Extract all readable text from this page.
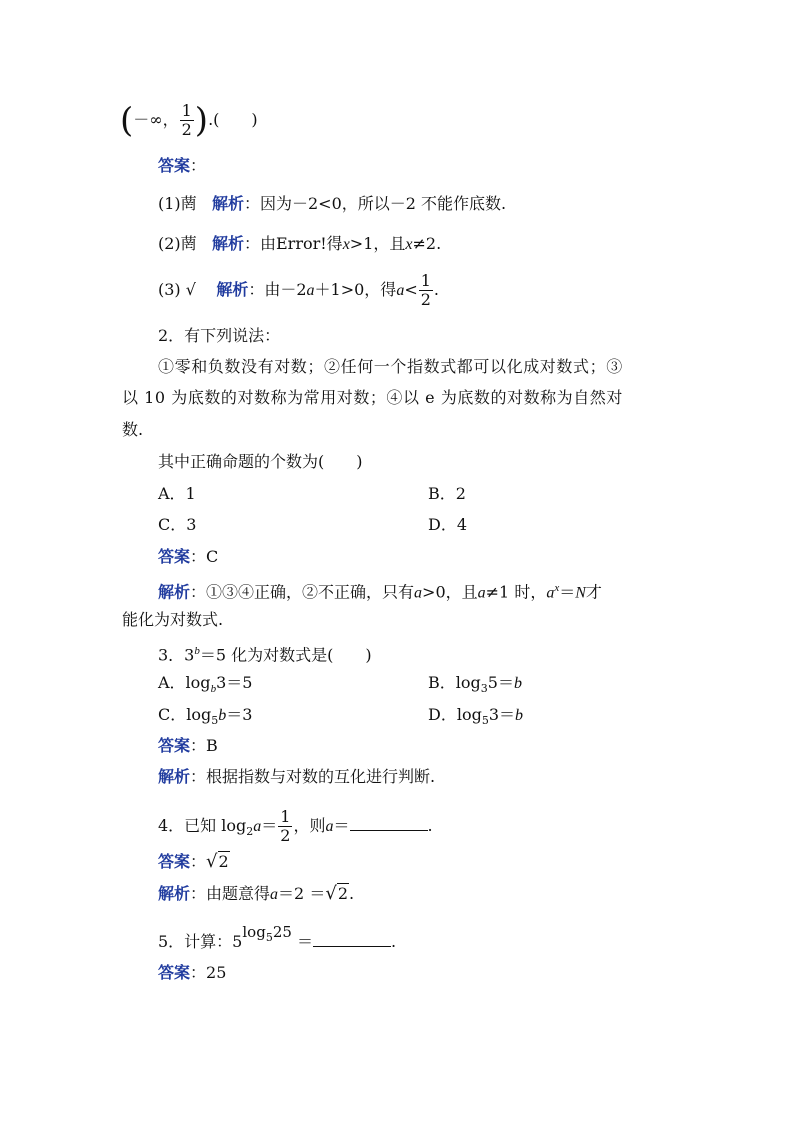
(－∞， $\frac{1}{2}$ ).(　　)
答案：
(1)菵 解析：因为－2<0，所以－2 不能作底数.
(2)菵 解析：由Error!得x>1，且x≠2.
(3) √ 解析：由－2a＋1>0，得$a< \frac{1}{2}$ .
2．有下列说法：
①零和负数没有对数；②任何一个指数式都可以化成对数式；③
以 10 为底数的对数称为常用对数；④以 e 为底数的对数称为自然对
数.
其中正确命题的个数为(　　)
A．1	B．2
C．3	D．4
答案：C
解析：①③④正确，②不正确，只有a>0，且a≠1 时，$a^x=N$才
能化为对数式.
3．$3^b=5$ 化为对数式是(　　)
A．$\log_b3=5$	B．$\log_35=b$
C．$\log_5b=3$	D．$\log_53=b$
答案：B
解析：根据指数与对数的互化进行判断.
4．已知 $\log_2a= \frac{1}{2}$ ，则a＝	.
答案：√2
解析：由题意得a＝2 ＝√2.
5．计算：$5\log_525$ ＝	.
答案：25
